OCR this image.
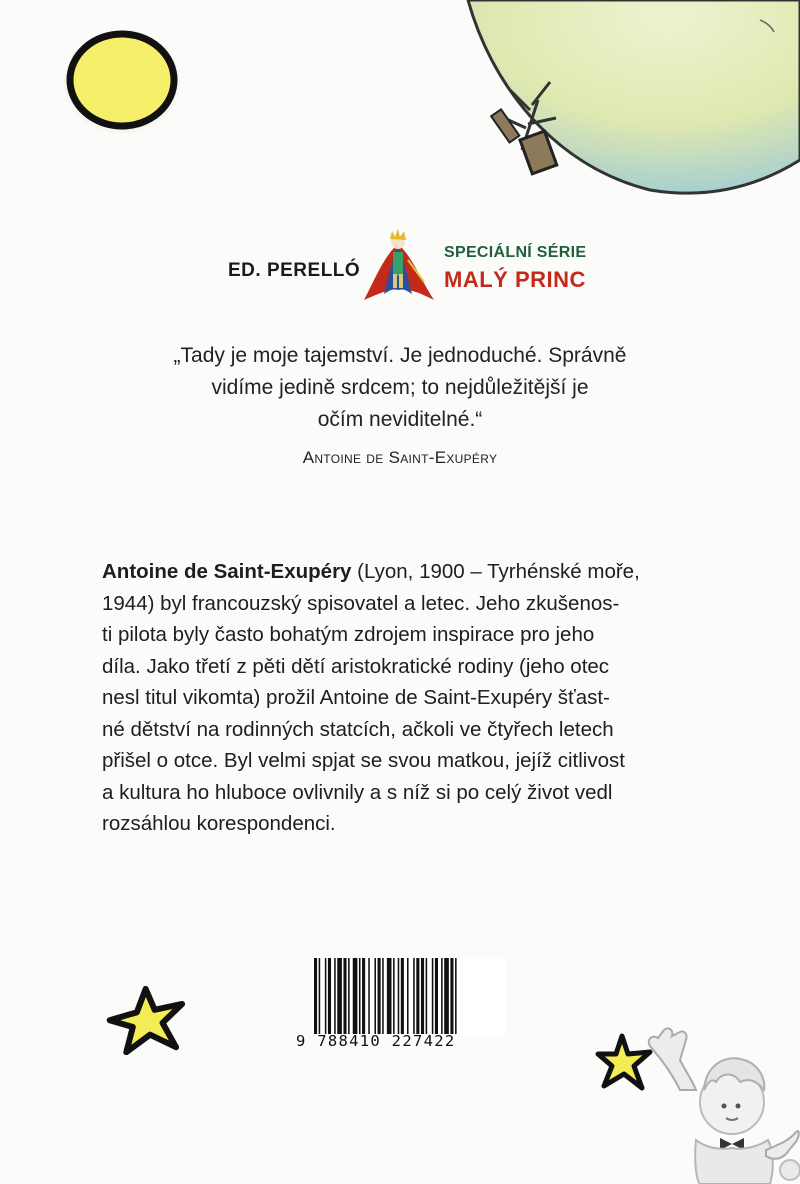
ED. PERELLÓ
SPECIÁLNÍ SÉRIE
MALÝ PRINC
„Tady je moje tajemství. Je jednoduché. Správně
vidíme jedině srdcem; to nejdůležitější je
očím neviditelné.“
Antoine de Saint-Exupéry
Antoine de Saint-Exupéry (Lyon, 1900 – Tyrhénské moře,
1944) byl francouzský spisovatel a letec. Jeho zkušenos-
ti pilota byly často bohatým zdrojem inspirace pro jeho
díla. Jako třetí z pěti dětí aristokratické rodiny (jeho otec
nesl titul vikomta) prožil Antoine de Saint-Exupéry šťast-
né dětství na rodinných statcích, ačkoli ve čtyřech letech
přišel o otce. Byl velmi spjat se svou matkou, jejíž citlivost
a kultura ho hluboce ovlivnily a s níž si po celý život vedl
rozsáhlou korespondenci.
9 788410 227422
